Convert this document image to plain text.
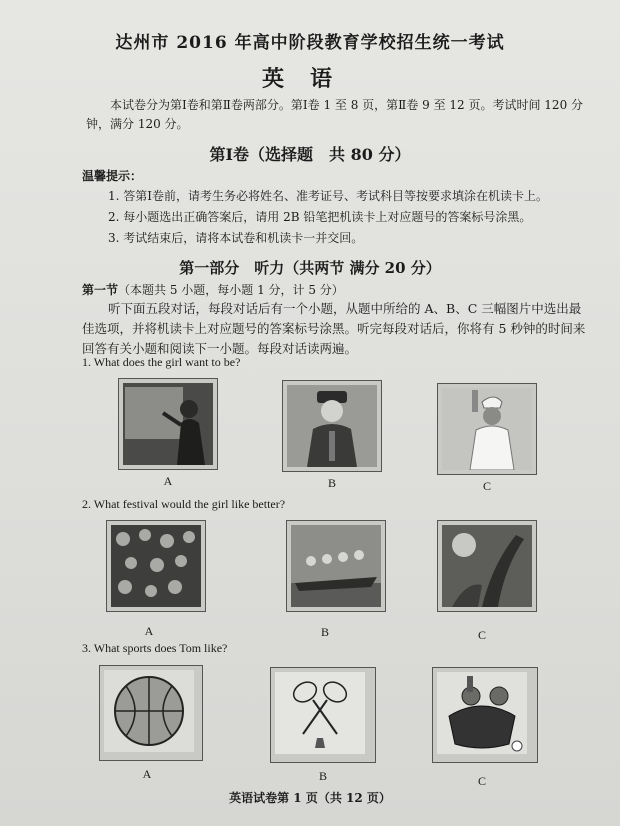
达州市 2016 年高中阶段教育学校招生统一考试
英语
本试卷分为第Ⅰ卷和第Ⅱ卷两部分。第Ⅰ卷 1 至 8 页，第Ⅱ卷 9 至 12 页。考试时间 120 分钟，满分 120 分。
第Ⅰ卷（选择题　共 80 分）
温馨提示：
1. 答第Ⅰ卷前，请考生务必将姓名、准考证号、考试科目等按要求填涂在机读卡上。
2. 每小题选出正确答案后，请用 2B 铅笔把机读卡上对应题号的答案标号涂黑。
3. 考试结束后，请将本试卷和机读卡一并交回。
第一部分　听力（共两节 满分 20 分）
第一节（本题共 5 小题，每小题 1 分，计 5 分）
听下面五段对话，每段对话后有一个小题，从题中所给的 A、B、C 三幅图片中选出最佳选项，并将机读卡上对应题号的答案标号涂黑。听完每段对话后，你将有 5 秒钟的时间来回答有关小题和阅读下一小题。每段对话读两遍。
1. What does the girl want to be?
A	B	C
2. What festival would the girl like better?
A	B	C
3. What sports does Tom like?
A	B	C
英语试卷第 1 页（共 12 页）
